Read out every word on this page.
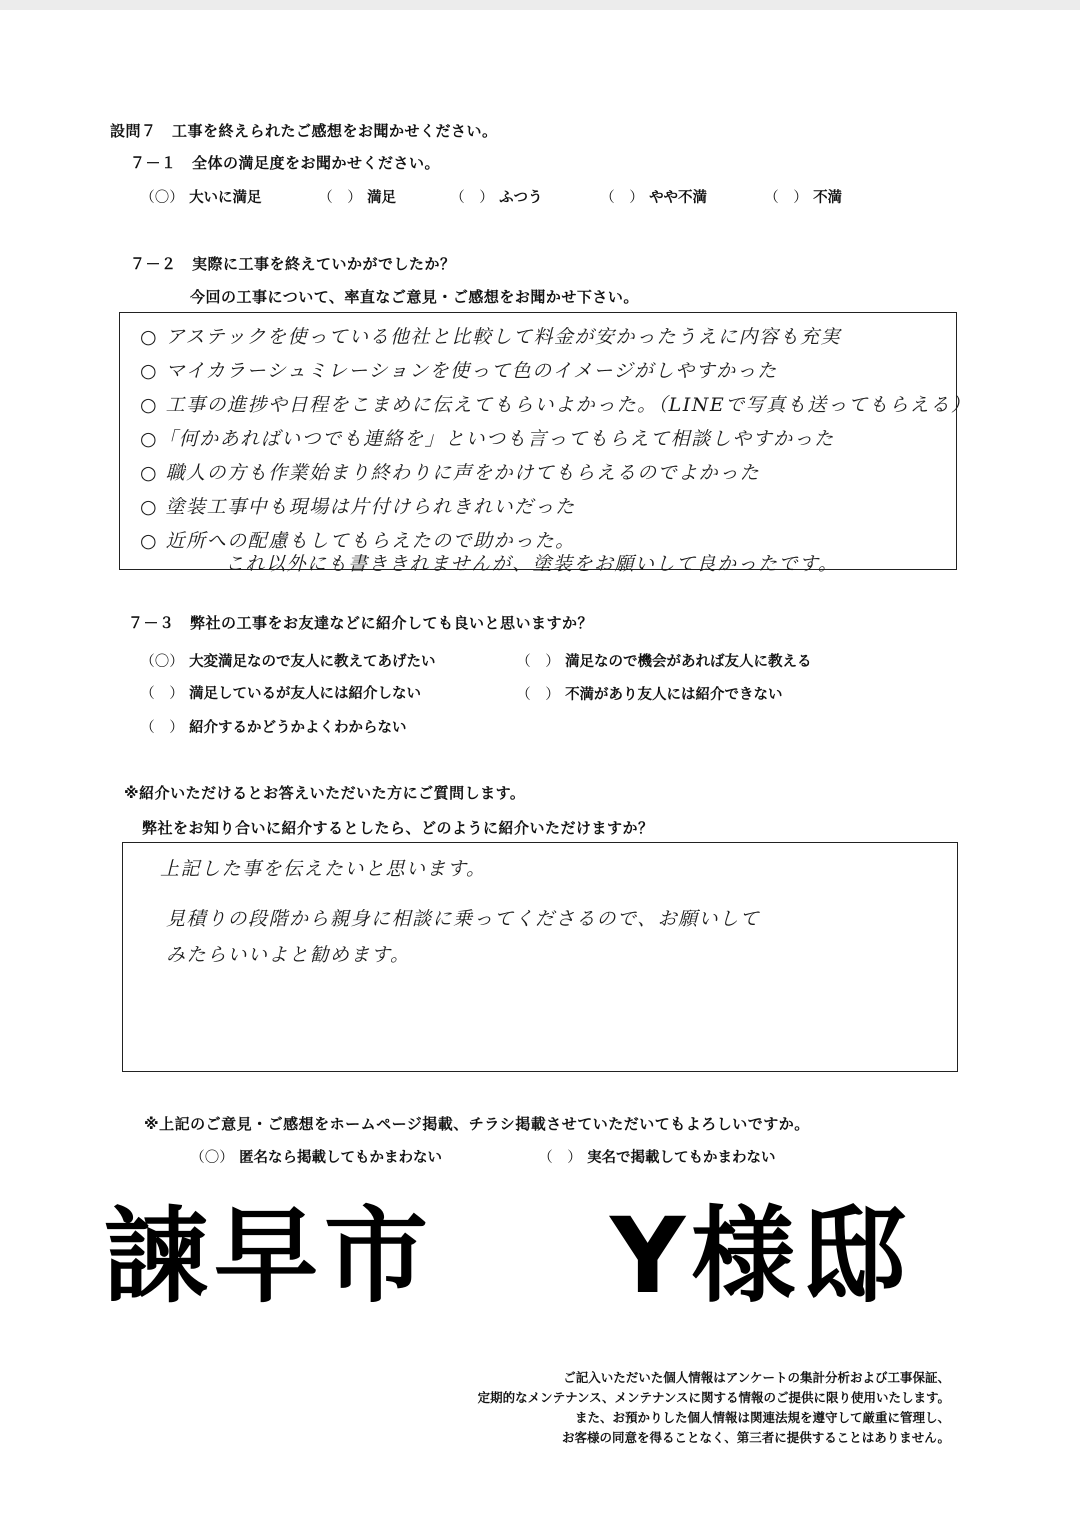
設問７　工事を終えられたご感想をお聞かせください。
７－１　全体の満足度をお聞かせください。
（〇） 大いに満足	（　） 満足	（　） ふつう	（　） やや不満	（　） 不満
７－２　実際に工事を終えていかがでしたか？
今回の工事について、率直なご意見・ご感想をお聞かせ下さい。
○ アステックを使っている他社と比較して料金が安かったうえに内容も充実
○ マイカラーシュミレーションを使って色のイメージがしやすかった
○ 工事の進捗や日程をこまめに伝えてもらいよかった。（LINEで写真も送ってもらえる）
○「何かあればいつでも連絡を」といつも言ってもらえて相談しやすかった
○ 職人の方も作業始まり終わりに声をかけてもらえるのでよかった
○ 塗装工事中も現場は片付けられきれいだった
○ 近所への配慮もしてもらえたので助かった。
これ以外にも書ききれませんが、塗装をお願いして良かったです。
７－３　弊社の工事をお友達などに紹介しても良いと思いますか？
（〇） 大変満足なので友人に教えてあげたい	（　） 満足なので機会があれば友人に教える
（　） 満足しているが友人には紹介しない	（　） 不満があり友人には紹介できない
（　） 紹介するかどうかよくわからない
※紹介いただけるとお答えいただいた方にご質問します。
弊社をお知り合いに紹介するとしたら、どのように紹介いただけますか？
上記した事を伝えたいと思います。
見積りの段階から親身に相談に乗ってくださるので、お願いして
みたらいいよと勧めます。
※上記のご意見・ご感想をホームページ掲載、チラシ掲載させていただいてもよろしいですか。
（〇） 匿名なら掲載してもかまわない	（　） 実名で掲載してもかまわない
諫早市 Y様邸
ご記入いただいた個人情報はアンケートの集計分析および工事保証、
定期的なメンテナンス、メンテナンスに関する情報のご提供に限り使用いたします。
また、お預かりした個人情報は関連法規を遵守して厳重に管理し、
お客様の同意を得ることなく、第三者に提供することはありません。
